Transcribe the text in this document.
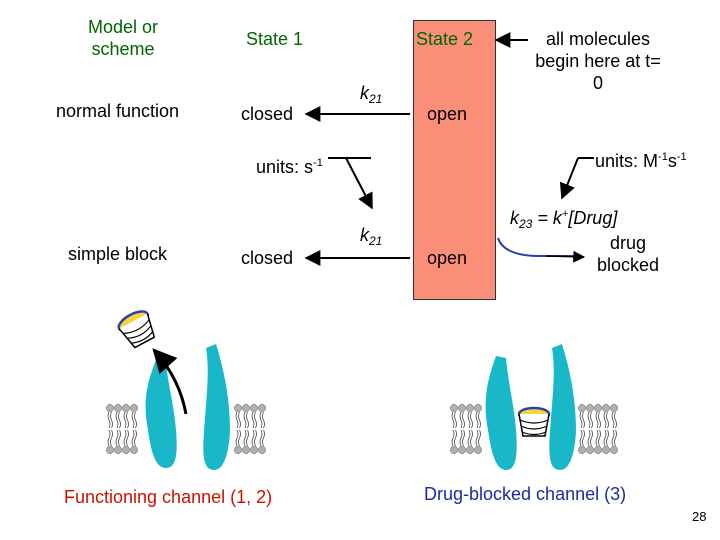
Model or scheme	State 1	State 2	all molecules begin here at t= 0
normal function	closed
$k_{21}$
open
units: $s^{-1}$	units: $M^{-1}s^{-1}$
$k_{23}$ = k+[Drug]
drug blocked
simple block	closed
$k_{21}$
open
Functioning channel (1, 2)	Drug-blocked channel (3)
28
